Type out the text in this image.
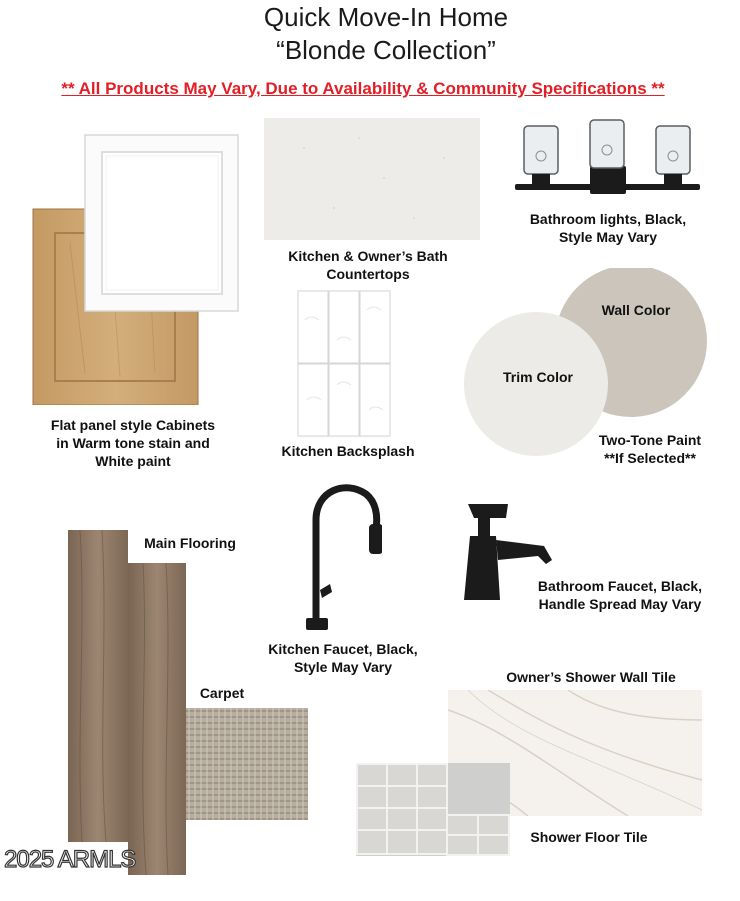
Quick Move-In Home
“Blonde Collection”
** All Products May Vary, Due to Availability & Community Specifications **
Flat panel style Cabinets
in Warm tone stain and
White paint
Kitchen & Owner’s Bath
Countertops
Bathroom lights, Black,
Style May Vary
Kitchen Backsplash
Wall Color
Trim Color
Two-Tone Paint
**If Selected**
Main Flooring
Carpet
Kitchen Faucet, Black,
Style May Vary
Bathroom Faucet, Black,
Handle Spread May Vary
Owner’s Shower Wall Tile
Shower Floor Tile
2025 ARMLS
